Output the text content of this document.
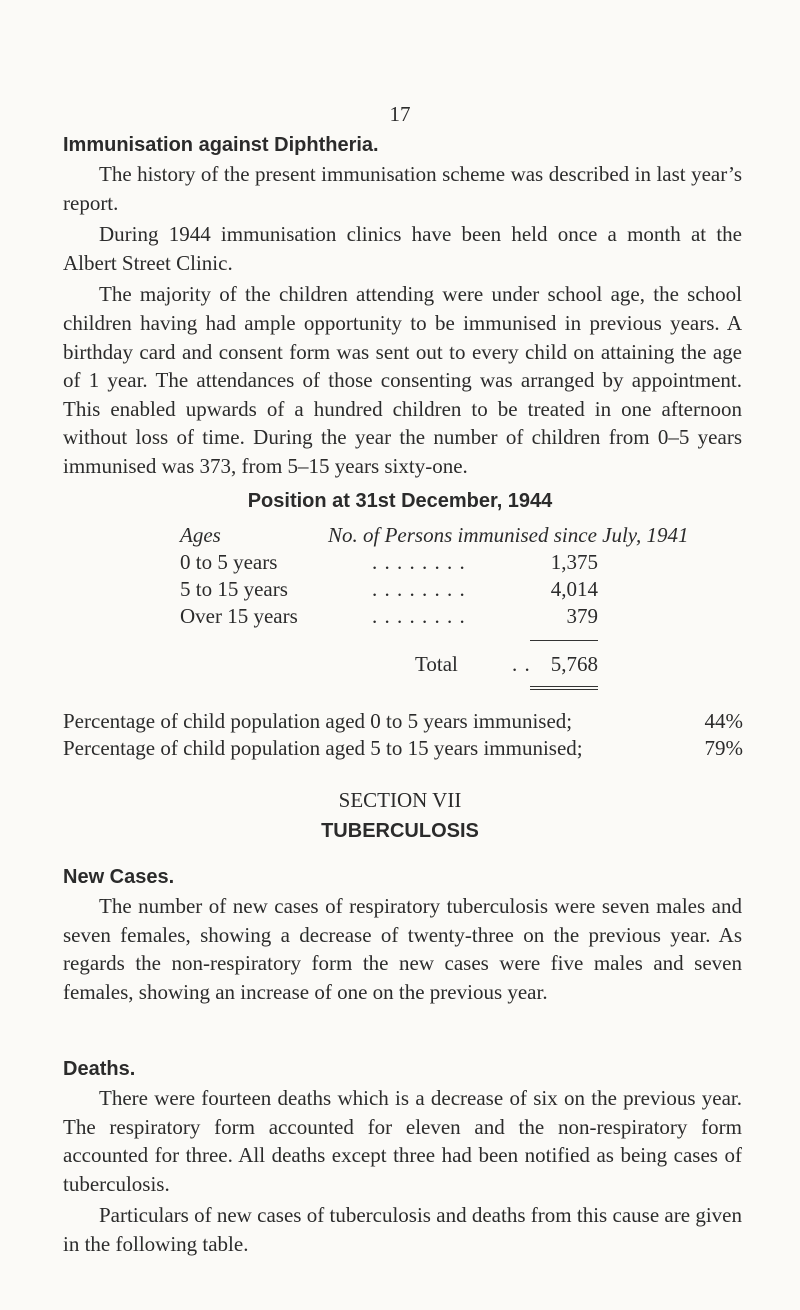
17
Immunisation against Diphtheria.

The history of the present immunisation scheme was described in last year’s report.

During 1944 immunisation clinics have been held once a month at the Albert Street Clinic.

The majority of the children attending were under school age, the school children having had ample opportunity to be immunised in previous years. A birthday card and consent form was sent out to every child on attaining the age of 1 year. The attendances of those consenting was arranged by appointment. This enabled upwards of a hundred children to be treated in one afternoon without loss of time. During the year the number of children from 0–5 years immunised was 373, from 5–15 years sixty-one.

Position at 31st December, 1944
Ages	No. of Persons immunised since July, 1941
0 to 5 years	. . . . . . . .	1,375
5 to 15 years	. . . . . . . .	4,014
Over 15 years	. . . . . . . .	379
Total	. . 5,768
Percentage of child population aged 0 to 5 years immunised;	44%
Percentage of child population aged 5 to 15 years immunised;	79%
SECTION VII
TUBERCULOSIS
New Cases.

The number of new cases of respiratory tuberculosis were seven males and seven females, showing a decrease of twenty-three on the previous year. As regards the non-respiratory form the new cases were five males and seven females, showing an increase of one on the previous year.

Deaths.

There were fourteen deaths which is a decrease of six on the previous year. The respiratory form accounted for eleven and the non-respiratory form accounted for three. All deaths except three had been notified as being cases of tuberculosis.

Particulars of new cases of tuberculosis and deaths from this cause are given in the following table.
